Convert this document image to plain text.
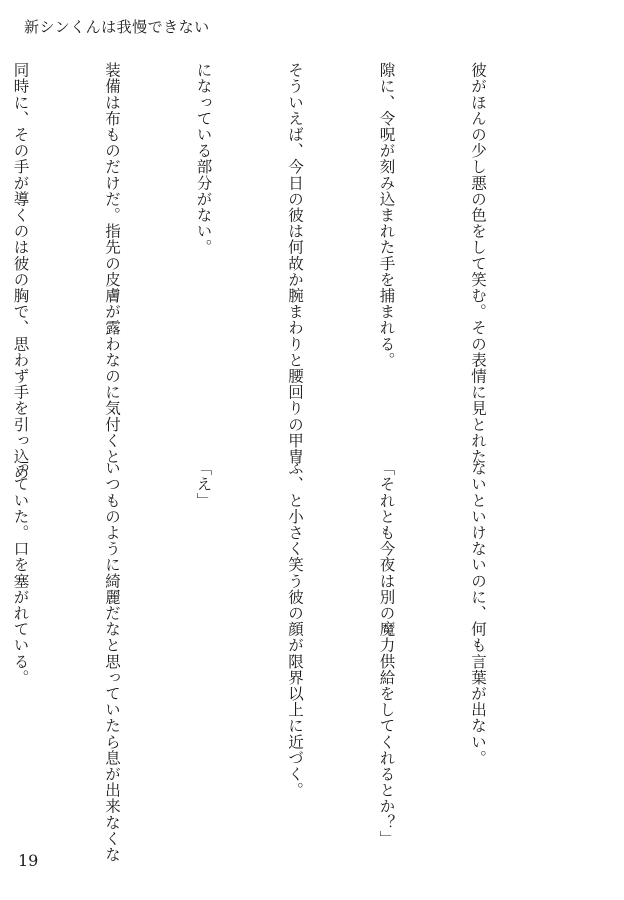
新シンくんは我慢できない

彼がほんの少し悪の色をして笑む。その表情に見とれた

隙に、令呪が刻み込まれた手を捕まれる。

そういえば、今日の彼は何故か腕まわりと腰回りの甲冑

になっている部分がない。

装備は布ものだけだ。指先の皮膚が露わなのに気付くと

同時に、その手が導くのは彼の胸で、思わず手を引っ込め

ないといけないのに、何も言葉が出ない。

「それとも今夜は別の魔力供給をしてくれるとか？」

ふ、と小さく笑う彼の顔が限界以上に近づく。

「え」

いつものように綺麗だなと思っていたら息が出来なくな

っていた。口を塞がれている。

19
